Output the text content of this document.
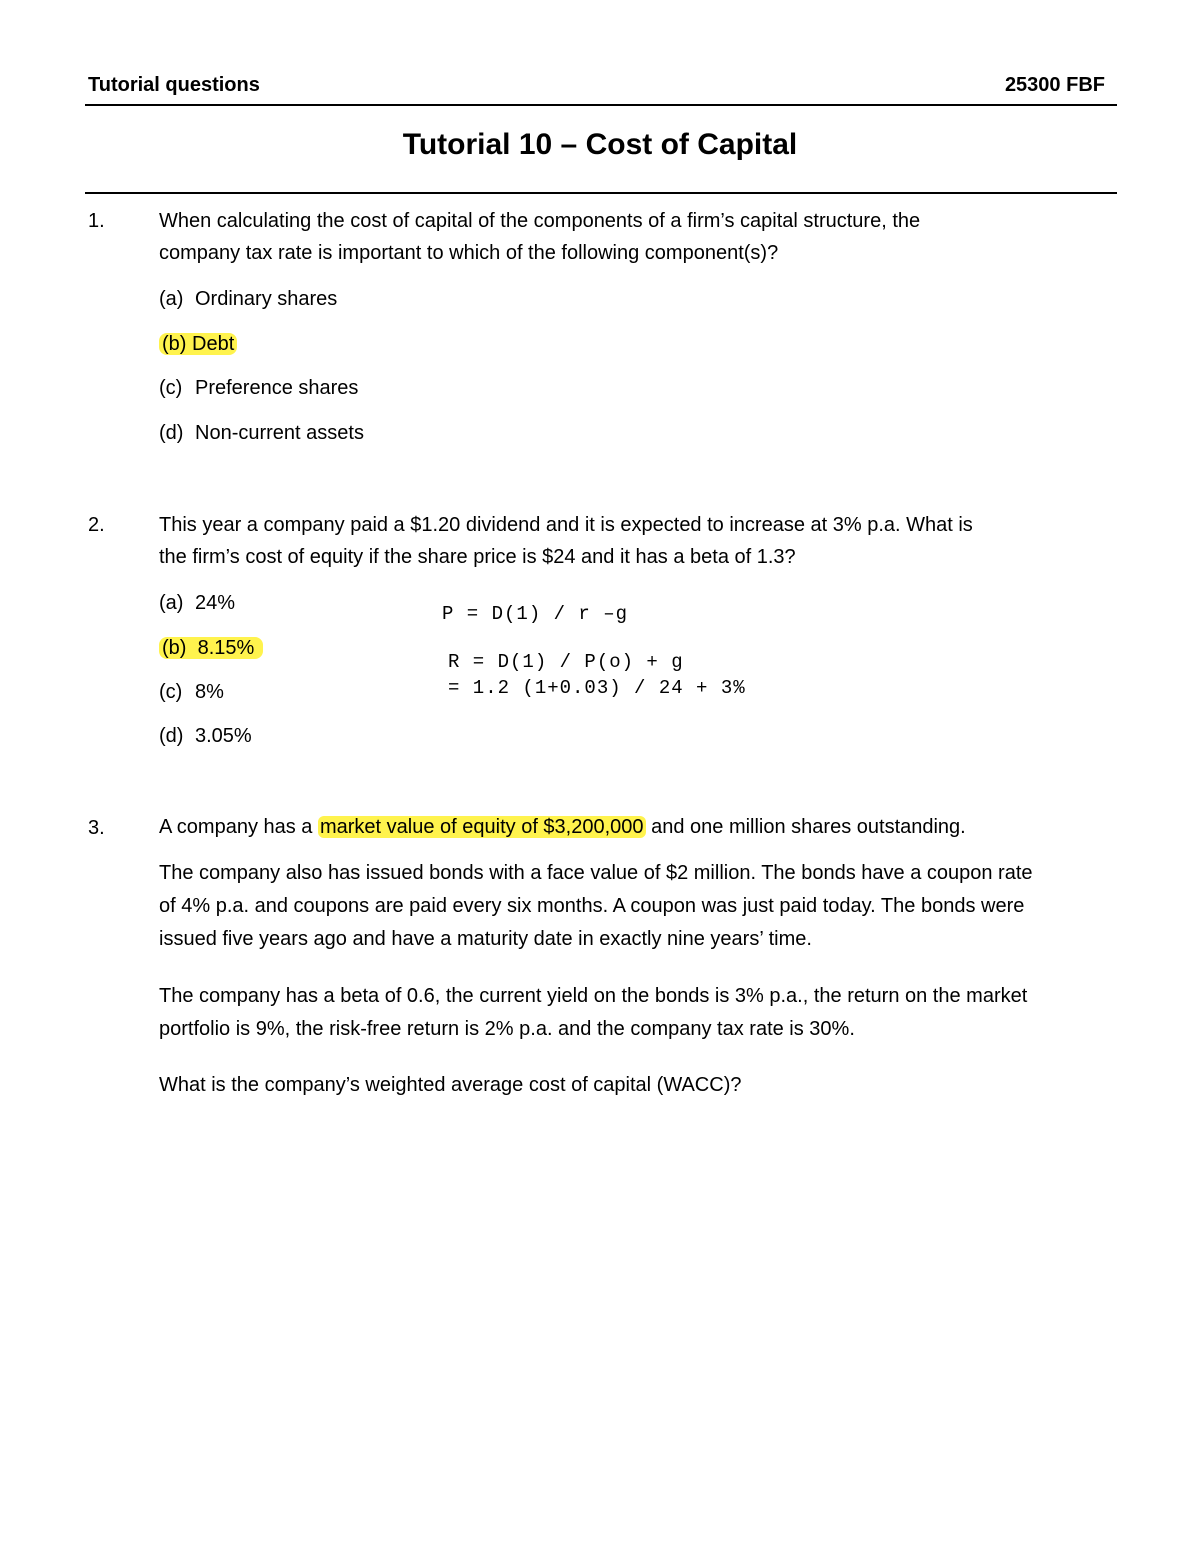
Tutorial questions	25300 FBF
Tutorial 10 – Cost of Capital
1.	When calculating the cost of capital of the components of a firm’s capital structure, the
company tax rate is important to which of the following component(s)?
(a) Ordinary shares
(b) Debt
(c) Preference shares
(d) Non-current assets
2.	This year a company paid a $1.20 dividend and it is expected to increase at 3% p.a. What is
the firm’s cost of equity if the share price is $24 and it has a beta of 1.3?
(a) 24%
(b) 8.15%
(c) 8%
(d) 3.05%
P = D(1) / r –g
R = D(1) / P(o) + g
= 1.2 (1+0.03) / 24 + 3%
3.	A company has a market value of equity of $3,200,000 and one million shares outstanding.
The company also has issued bonds with a face value of $2 million. The bonds have a coupon rate
of 4% p.a. and coupons are paid every six months. A coupon was just paid today. The bonds were
issued five years ago and have a maturity date in exactly nine years’ time.
The company has a beta of 0.6, the current yield on the bonds is 3% p.a., the return on the market
portfolio is 9%, the risk-free return is 2% p.a. and the company tax rate is 30%.
What is the company’s weighted average cost of capital (WACC)?
